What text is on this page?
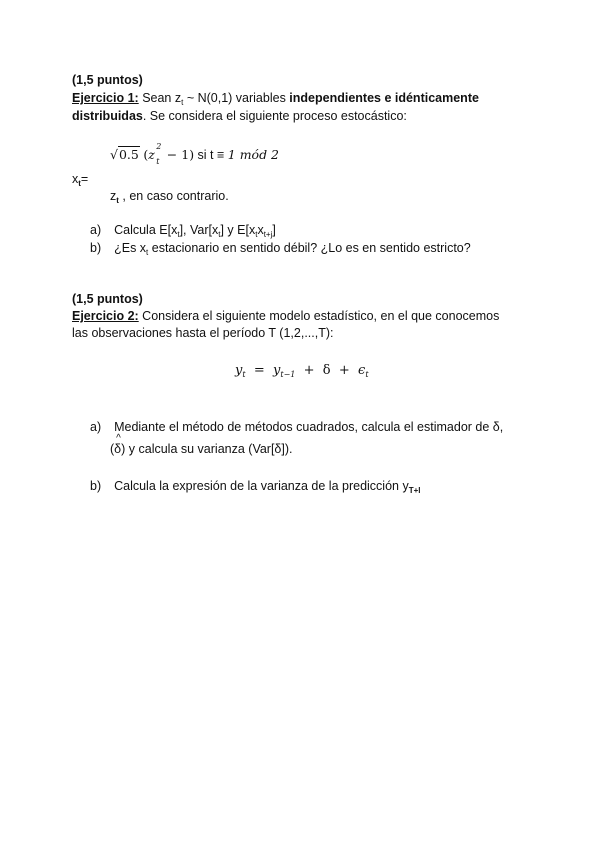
(1,5 puntos)
Ejercicio 1: Sean $z_t$ ~ N(0,1) variables independientes e idénticamente
distribuidas. Se considera el siguiente proceso estocástico:
√0.5 (z
2
t − 1) si t ≡ 1 mód 2
$x_t=$
$z_t$ , en caso contrario.
a) Calcula $E[x_t]$, $Var[x_t]$ y $E[x_tx_{t+j}]$
b) ¿Es $x_t$ estacionario en sentido débil? ¿Lo es en sentido estricto?
(1,5 puntos)
Ejercicio 2: Considera el siguiente modelo estadístico, en el que conocemos
las observaciones hasta el período T (1,2,...,T):
$y_t = y_{t-1} + \delta + \epsilon_t$
a) Mediante el método de métodos cuadrados, calcula el estimador de δ,
(
^
δ) y calcula su varianza (Var[δ]).
b) Calcula la expresión de la varianza de la predicción $y_{T+l}$
